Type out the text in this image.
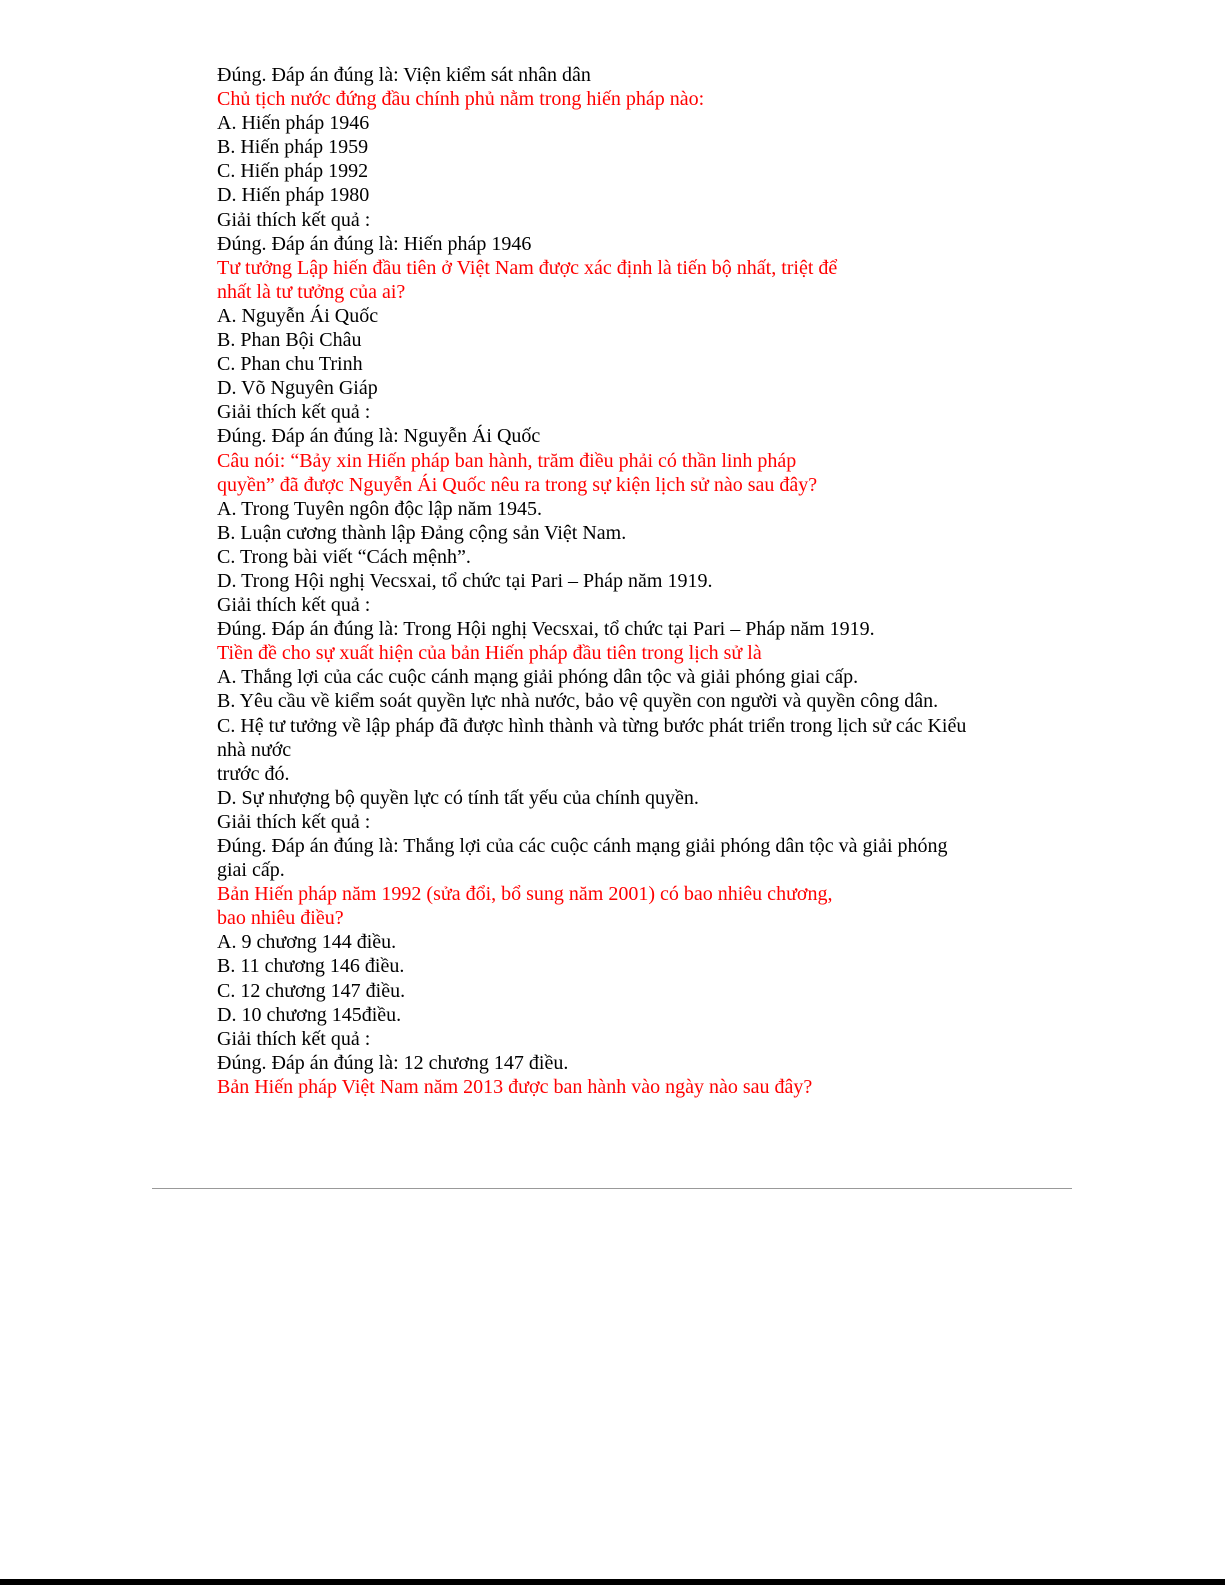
Đúng. Đáp án đúng là: Viện kiểm sát nhân dân
Chủ tịch nước đứng đầu chính phủ nằm trong hiến pháp nào:
A. Hiến pháp 1946
B. Hiến pháp 1959
C. Hiến pháp 1992
D. Hiến pháp 1980
Giải thích kết quả :
Đúng. Đáp án đúng là: Hiến pháp 1946
Tư tưởng Lập hiến đầu tiên ở Việt Nam được xác định là tiến bộ nhất, triệt để
nhất là tư tưởng của ai?
A. Nguyễn Ái Quốc
B. Phan Bội Châu
C. Phan chu Trinh
D. Võ Nguyên Giáp
Giải thích kết quả :
Đúng. Đáp án đúng là: Nguyễn Ái Quốc
Câu nói: “Bảy xin Hiến pháp ban hành, trăm điều phải có thần linh pháp
quyền” đã được Nguyễn Ái Quốc nêu ra trong sự kiện lịch sử nào sau đây?
A. Trong Tuyên ngôn độc lập năm 1945.
B. Luận cương thành lập Đảng cộng sản Việt Nam.
C. Trong bài viết “Cách mệnh”.
D. Trong Hội nghị Vecsxai, tổ chức tại Pari – Pháp năm 1919.
Giải thích kết quả :
Đúng. Đáp án đúng là: Trong Hội nghị Vecsxai, tổ chức tại Pari – Pháp năm 1919.
Tiền đề cho sự xuất hiện của bản Hiến pháp đầu tiên trong lịch sử là
A. Thắng lợi của các cuộc cánh mạng giải phóng dân tộc và giải phóng giai cấp.
B. Yêu cầu về kiểm soát quyền lực nhà nước, bảo vệ quyền con người và quyền công dân.
C. Hệ tư tưởng về lập pháp đã được hình thành và từng bước phát triển trong lịch sử các Kiểu
nhà nước
trước đó.
D. Sự nhượng bộ quyền lực có tính tất yếu của chính quyền.
Giải thích kết quả :
Đúng. Đáp án đúng là: Thắng lợi của các cuộc cánh mạng giải phóng dân tộc và giải phóng
giai cấp.
Bản Hiến pháp năm 1992 (sửa đổi, bổ sung năm 2001) có bao nhiêu chương,
bao nhiêu điều?
A. 9 chương 144 điều.
B. 11 chương 146 điều.
C. 12 chương 147 điều.
D. 10 chương 145điều.
Giải thích kết quả :
Đúng. Đáp án đúng là: 12 chương 147 điều.
Bản Hiến pháp Việt Nam năm 2013 được ban hành vào ngày nào sau đây?
